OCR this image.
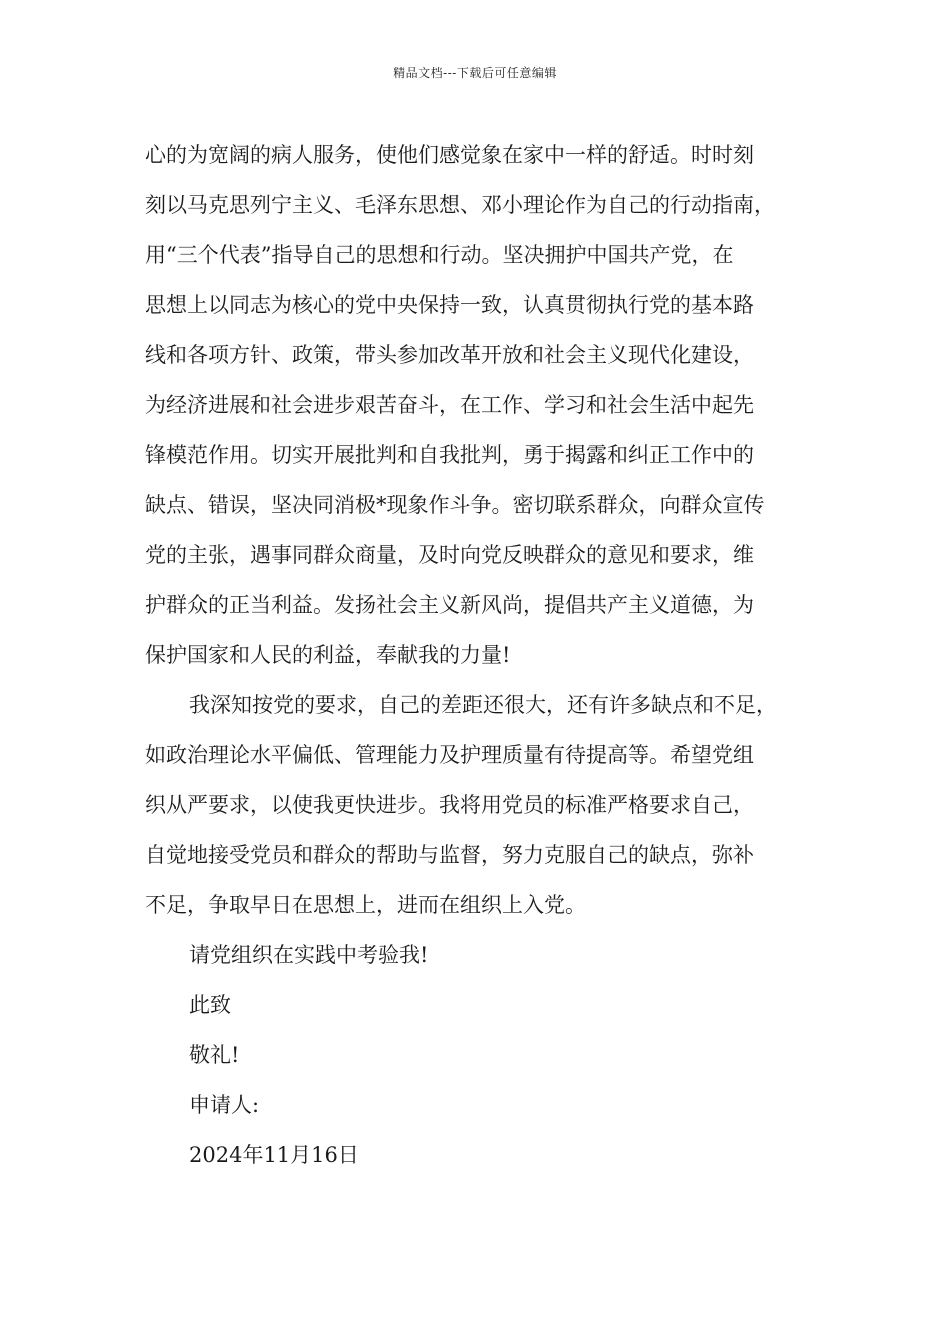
精品文档---下载后可任意编辑
心的为宽阔的病人服务，使他们感觉象在家中一样的舒适。时时刻
刻以马克思列宁主义、毛泽东思想、邓小理论作为自己的行动指南，
用“三个代表”指导自己的思想和行动。坚决拥护中国共产党，在
思想上以同志为核心的党中央保持一致，认真贯彻执行党的基本路
线和各项方针、政策，带头参加改革开放和社会主义现代化建设，
为经济进展和社会进步艰苦奋斗，在工作、学习和社会生活中起先
锋模范作用。切实开展批判和自我批判，勇于揭露和纠正工作中的
缺点、错误，坚决同消极*现象作斗争。密切联系群众，向群众宣传
党的主张，遇事同群众商量，及时向党反映群众的意见和要求，维
护群众的正当利益。发扬社会主义新风尚，提倡共产主义道德，为
保护国家和人民的利益，奉献我的力量!
我深知按党的要求，自己的差距还很大，还有许多缺点和不足，
如政治理论水平偏低、管理能力及护理质量有待提高等。希望党组
织从严要求，以使我更快进步。我将用党员的标准严格要求自己，
自觉地接受党员和群众的帮助与监督，努力克服自己的缺点，弥补
不足，争取早日在思想上，进而在组织上入党。
请党组织在实践中考验我!
此致
敬礼!
申请人:
2024年11月16日
